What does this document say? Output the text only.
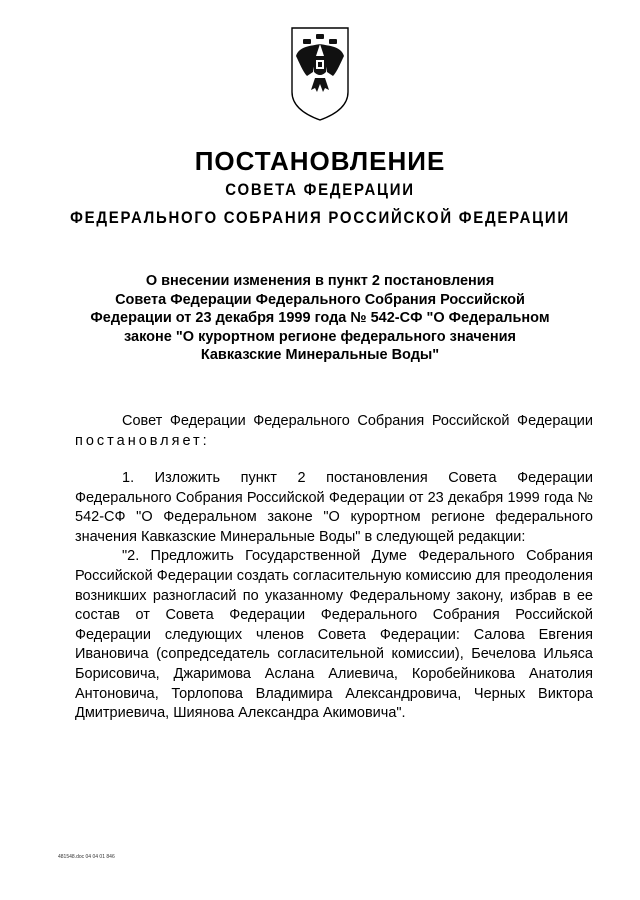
ПОСТАНОВЛЕНИЕ
СОВЕТА ФЕДЕРАЦИИ
ФЕДЕРАЛЬНОГО СОБРАНИЯ РОССИЙСКОЙ ФЕДЕРАЦИИ
О внесении изменения в пункт 2 постановления
Совета Федерации Федерального Собрания Российской
Федерации от 23 декабря 1999 года № 542-СФ "О Федеральном
законе "О курортном регионе федерального значения
Кавказские Минеральные Воды"

Совет Федерации Федерального Собрания Российской Федерации постановляет:

1. Изложить пункт 2 постановления Совета Федерации Федерального Собрания Российской Федерации от 23 декабря 1999 года № 542-СФ "О Федеральном законе "О курортном регионе федерального значения Кавказские Минеральные Воды" в следующей редакции:

"2. Предложить Государственной Думе Федерального Собрания Российской Федерации создать согласительную комиссию для преодоления возникших разногласий по указанному Федеральному закону, избрав в ее состав от Совета Федерации Федерального Собрания Российской Федерации следующих членов Совета Федерации: Салова Евгения Ивановича (сопредседатель согласительной комиссии), Бечелова Ильяса Борисовича, Джаримова Аслана Алиевича, Коробейникова Анатолия Антоновича, Торлопова Владимира Александровича, Черных Виктора Дмитриевича, Шиянова Александра Акимовича".

481548.doc 04 04 01 846
